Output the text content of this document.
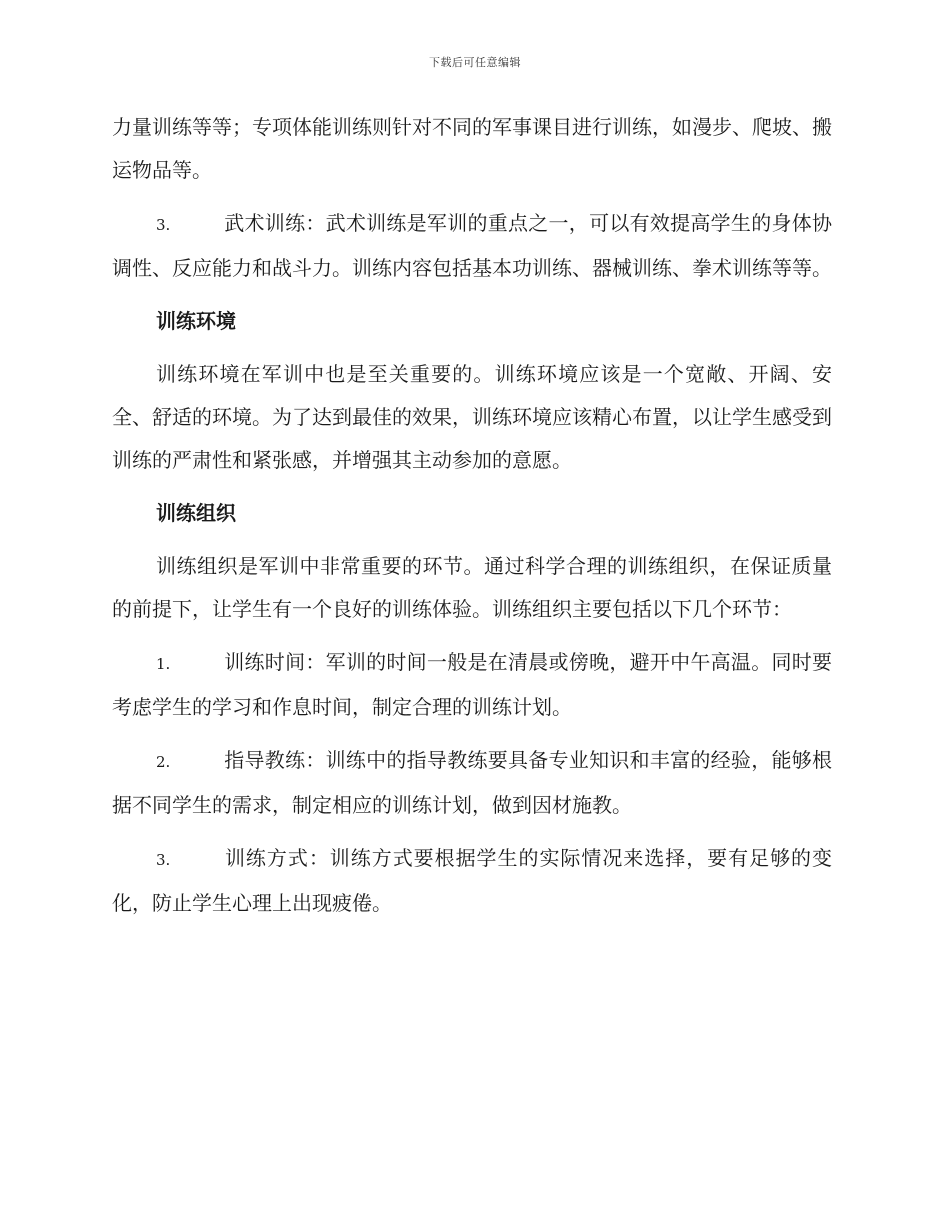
下载后可任意编辑

力量训练等等；专项体能训练则针对不同的军事课目进行训练，如漫步、爬坡、搬运物品等。

3.	武术训练：武术训练是军训的重点之一，可以有效提高学生的身体协调性、反应能力和战斗力。训练内容包括基本功训练、器械训练、拳术训练等等。

训练环境

训练环境在军训中也是至关重要的。训练环境应该是一个宽敞、开阔、安全、舒适的环境。为了达到最佳的效果，训练环境应该精心布置，以让学生感受到训练的严肃性和紧张感，并增强其主动参加的意愿。

训练组织

训练组织是军训中非常重要的环节。通过科学合理的训练组织，在保证质量的前提下，让学生有一个良好的训练体验。训练组织主要包括以下几个环节：

1.	训练时间：军训的时间一般是在清晨或傍晚，避开中午高温。同时要考虑学生的学习和作息时间，制定合理的训练计划。

2.	指导教练：训练中的指导教练要具备专业知识和丰富的经验，能够根据不同学生的需求，制定相应的训练计划，做到因材施教。

3.	训练方式：训练方式要根据学生的实际情况来选择，要有足够的变化，防止学生心理上出现疲倦。
